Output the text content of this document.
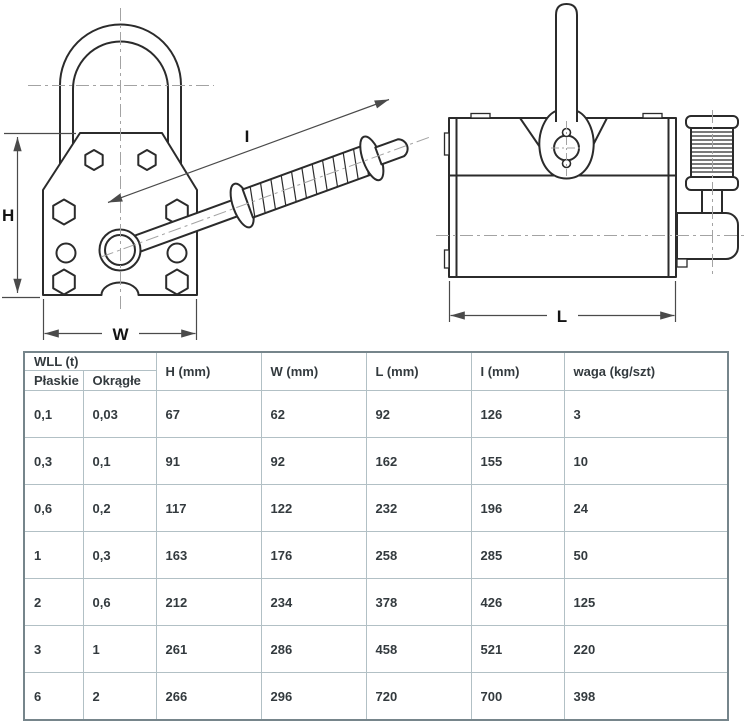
H
W
I
L
WLL (t)		H (mm)	W (mm)	L (mm)	I (mm)	waga (kg/szt)
Płaskie	Okrągłe					
0,1	0,03	67	62	92	126	3
0,3	0,1	91	92	162	155	10
0,6	0,2	117	122	232	196	24
1	0,3	163	176	258	285	50
2	0,6	212	234	378	426	125
3	1	261	286	458	521	220
6	2	266	296	720	700	398
